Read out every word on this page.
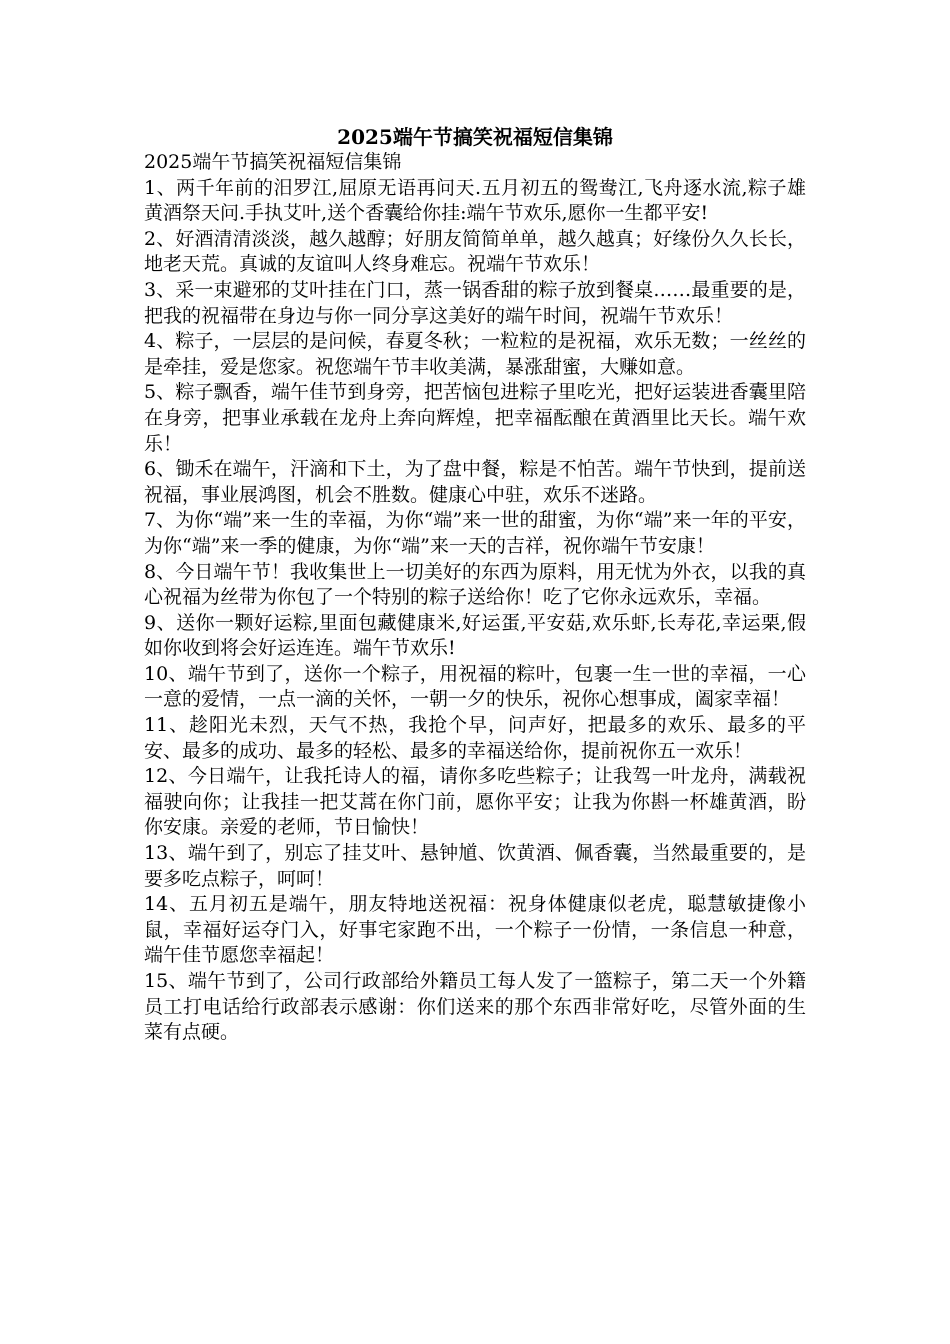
2025端午节搞笑祝福短信集锦

2025端午节搞笑祝福短信集锦

1、两千年前的汨罗江,屈原无语再问天.五月初五的鸳鸯江,飞舟逐水流,粽子雄黄酒祭天问.手执艾叶,送个香囊给你挂:端午节欢乐,愿你一生都平安!

2、好酒清清淡淡，越久越醇；好朋友简简单单，越久越真；好缘份久久长长，地老天荒。真诚的友谊叫人终身难忘。祝端午节欢乐！

3、采一束避邪的艾叶挂在门口，蒸一锅香甜的粽子放到餐桌……最重要的是，把我的祝福带在身边与你一同分享这美好的端午时间，祝端午节欢乐！

4、粽子，一层层的是问候，春夏冬秋；一粒粒的是祝福，欢乐无数；一丝丝的是牵挂，爱是您家。祝您端午节丰收美满，暴涨甜蜜，大赚如意。

5、粽子飘香，端午佳节到身旁，把苦恼包进粽子里吃光，把好运装进香囊里陪在身旁，把事业承载在龙舟上奔向辉煌，把幸福酝酿在黄酒里比天长。端午欢乐！

6、锄禾在端午，汗滴和下土，为了盘中餐，粽是不怕苦。端午节快到，提前送祝福，事业展鸿图，机会不胜数。健康心中驻，欢乐不迷路。

7、为你“端”来一生的幸福，为你“端”来一世的甜蜜，为你“端”来一年的平安，为你“端”来一季的健康，为你“端”来一天的吉祥，祝你端午节安康！

8、今日端午节！我收集世上一切美好的东西为原料，用无忧为外衣，以我的真心祝福为丝带为你包了一个特别的粽子送给你！吃了它你永远欢乐，幸福。

9、送你一颗好运粽,里面包藏健康米,好运蛋,平安菇,欢乐虾,长寿花,幸运栗,假如你收到将会好运连连。端午节欢乐!

10、端午节到了，送你一个粽子，用祝福的粽叶，包裹一生一世的幸福，一心一意的爱情，一点一滴的关怀，一朝一夕的快乐，祝你心想事成，阖家幸福！

11、趁阳光未烈，天气不热，我抢个早，问声好，把最多的欢乐、最多的平安、最多的成功、最多的轻松、最多的幸福送给你，提前祝你五一欢乐！

12、今日端午，让我托诗人的福，请你多吃些粽子；让我驾一叶龙舟，满载祝福驶向你；让我挂一把艾蒿在你门前，愿你平安；让我为你斟一杯雄黄酒，盼你安康。亲爱的老师，节日愉快！

13、端午到了，别忘了挂艾叶、悬钟馗、饮黄酒、佩香囊，当然最重要的，是要多吃点粽子，呵呵！

14、五月初五是端午，朋友特地送祝福：祝身体健康似老虎，聪慧敏捷像小鼠，幸福好运夺门入，好事宅家跑不出，一个粽子一份情，一条信息一种意，端午佳节愿您幸福起！

15、端午节到了，公司行政部给外籍员工每人发了一篮粽子，第二天一个外籍员工打电话给行政部表示感谢：你们送来的那个东西非常好吃，尽管外面的生菜有点硬。
